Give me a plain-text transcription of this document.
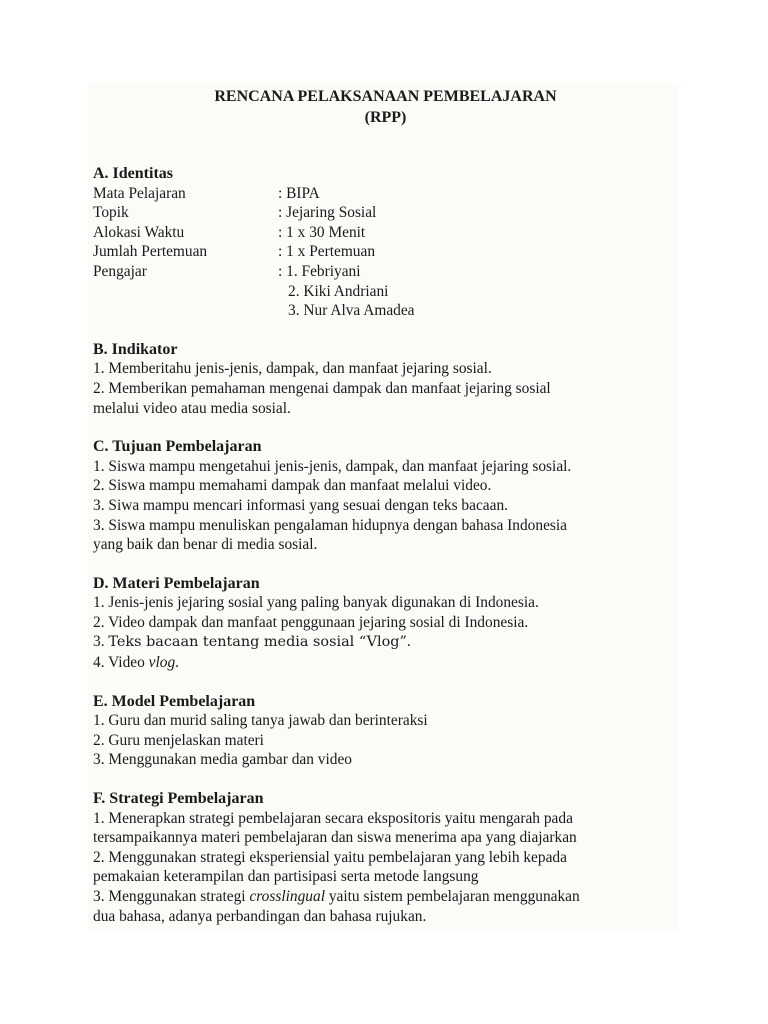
RENCANA PELAKSANAAN PEMBELAJARAN
(RPP)
A. Identitas
Mata Pelajaran	: BIPA
Topik	: Jejaring Sosial
Alokasi Waktu	: 1 x 30 Menit
Jumlah Pertemuan	: 1 x Pertemuan
Pengajar	: 1. Febriyani
2. Kiki Andriani
3. Nur Alva Amadea
B. Indikator
1. Memberitahu jenis-jenis, dampak, dan manfaat jejaring sosial.
2. Memberikan pemahaman mengenai dampak dan manfaat jejaring sosial
melalui video atau media sosial.
C. Tujuan Pembelajaran
1. Siswa mampu mengetahui jenis-jenis, dampak, dan manfaat jejaring sosial.
2. Siswa mampu memahami dampak dan manfaat melalui video.
3. Siwa mampu mencari informasi yang sesuai dengan teks bacaan.
3. Siswa mampu menuliskan pengalaman hidupnya dengan bahasa Indonesia
yang baik dan benar di media sosial.
D. Materi Pembelajaran
1. Jenis-jenis jejaring sosial yang paling banyak digunakan di Indonesia.
2. Video dampak dan manfaat penggunaan jejaring sosial di Indonesia.
3. Teks bacaan tentang media sosial “Vlog”.
4. Video vlog.
E. Model Pembelajaran
1. Guru dan murid saling tanya jawab dan berinteraksi
2. Guru menjelaskan materi
3. Menggunakan media gambar dan video
F. Strategi Pembelajaran
1. Menerapkan strategi pembelajaran secara ekspositoris yaitu mengarah pada
tersampaikannya materi pembelajaran dan siswa menerima apa yang diajarkan
2. Menggunakan strategi eksperiensial yaitu pembelajaran yang lebih kepada
pemakaian keterampilan dan partisipasi serta metode langsung
3. Menggunakan strategi crosslingual yaitu sistem pembelajaran menggunakan
dua bahasa, adanya perbandingan dan bahasa rujukan.
